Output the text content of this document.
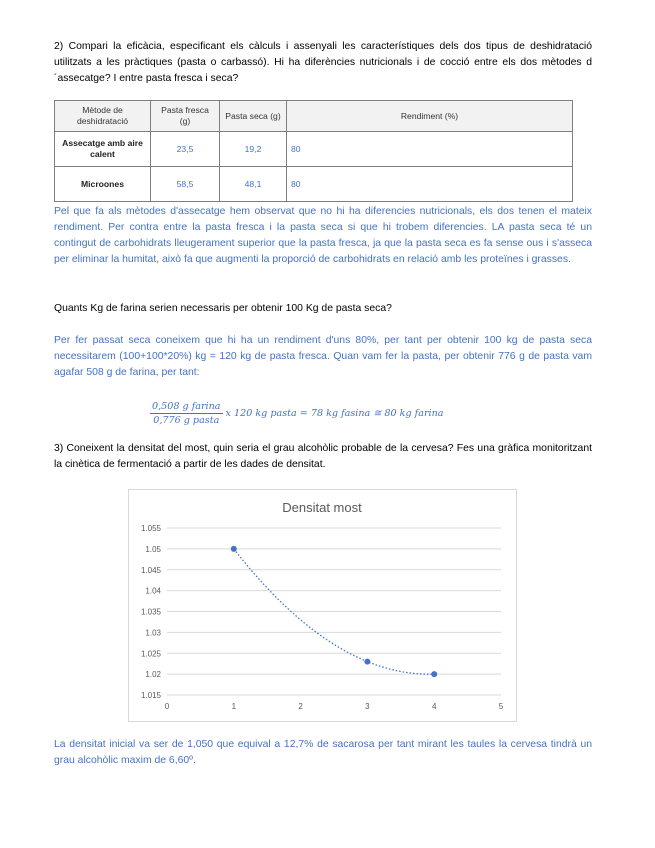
2) Compari la eficàcia, especificant els càlculs i assenyali les característiques dels dos tipus de deshidratació utilitzats a les pràctiques (pasta o carbassó). Hi ha diferències nutricionals i de cocció entre els dos mètodes d´assecatge? I entre pasta fresca i seca?

Mètode de deshidratació	Pasta fresca (g)	Pasta seca (g)	Rendiment (%)
Assecatge amb aire calent	23,5	19,2	80
Microones	58,5	48,1	80

Pel que fa als mètodes d'assecatge hem observat que no hi ha diferencies nutricionals, els dos tenen el mateix rendiment. Per contra entre la pasta fresca i la pasta seca si que hi trobem diferencies. LA pasta seca té un contingut de carbohidrats lleugerament superior que la pasta fresca, ja que la pasta seca es fa sense ous i s'asseca per eliminar la humitat, això fa que augmenti la proporció de carbohidrats en relació amb les proteïnes i grasses.

Quants Kg de farina serien necessaris per obtenir 100 Kg de pasta seca?

Per fer passat seca coneixem que hi ha un rendiment d'uns 80%, per tant per obtenir 100 kg de pasta seca necessitarem (100+100*20%) kg = 120 kg de pasta fresca. Quan vam fer la pasta, per obtenir 776 g de pasta vam agafar 508 g de farina, per tant:

$\frac{\text{0,508 g farina}}{\text{0,776 g pasta}}$ x 120 kg pasta = 78 kg fasina ≅ 80 kg farina

3) Coneixent la densitat del most, quin seria el grau alcohòlic probable de la cervesa? Fes una gràfica monitoritzant la cinètica de fermentació a partir de les dades de densitat.

Densitat most
1.015
1.02
1.025
1.03
1.035
1.04
1.045
1.05
1.055
0	1	2	3	4	5

La densitat inicial va ser de 1,050 que equival a 12,7% de sacarosa per tant mirant les taules la cervesa tindrà un grau alcohòlic maxim de 6,60º.
